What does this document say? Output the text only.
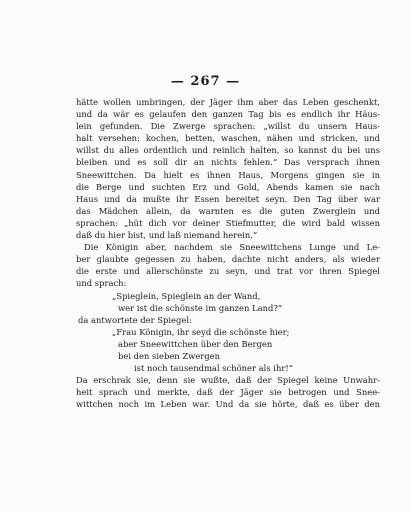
— 267 —
hätte wollen umbringen, der Jäger ihm aber das Leben geschenkt,
und da wär es gelaufen den ganzen Tag bis es endlich ihr Häus-
lein gefunden. Die Zwerge sprachen: „willst du unsern Haus-
halt versehen: kochen, betten, waschen, nähen und stricken, und
willst du alles ordentlich und reinlich halten, so kannst du bei uns
bleiben und es soll dir an nichts fehlen.“ Das versprach ihnen
Sneewittchen. Da hielt es ihnen Haus, Morgens gingen sie in
die Berge und suchten Erz und Gold, Abends kamen sie nach
Haus und da mußte ihr Essen bereitet seyn. Den Tag über war
das Mädchen allein, da warnten es die guten Zwerglein und
sprachen: „hüt dich vor deiner Stiefmutter, die wird bald wissen
daß du hier bist, und laß niemand herein.“
Die Königin aber, nachdem sie Sneewittchens Lunge und Le-
ber glaubte gegessen zu haben, dachte nicht anders, als wieder
die erste und allerschönste zu seyn, und trat vor ihren Spiegel
und sprach:
„Spieglein, Spieglein an der Wand,
wer ist die schönste im ganzen Land?“
da antwortete der Spiegel:
„Frau Königin, ihr seyd die schönste hier;
aber Sneewittchen über den Bergen
bei den sieben Zwergen
ist noch tausendmal schöner als ihr!“
Da erschrak sie, denn sie wußte, daß der Spiegel keine Unwahr-
heit sprach und merkte, daß der Jäger sie betrogen und Snee-
wittchen noch im Leben war. Und da sie hörte, daß es über den
